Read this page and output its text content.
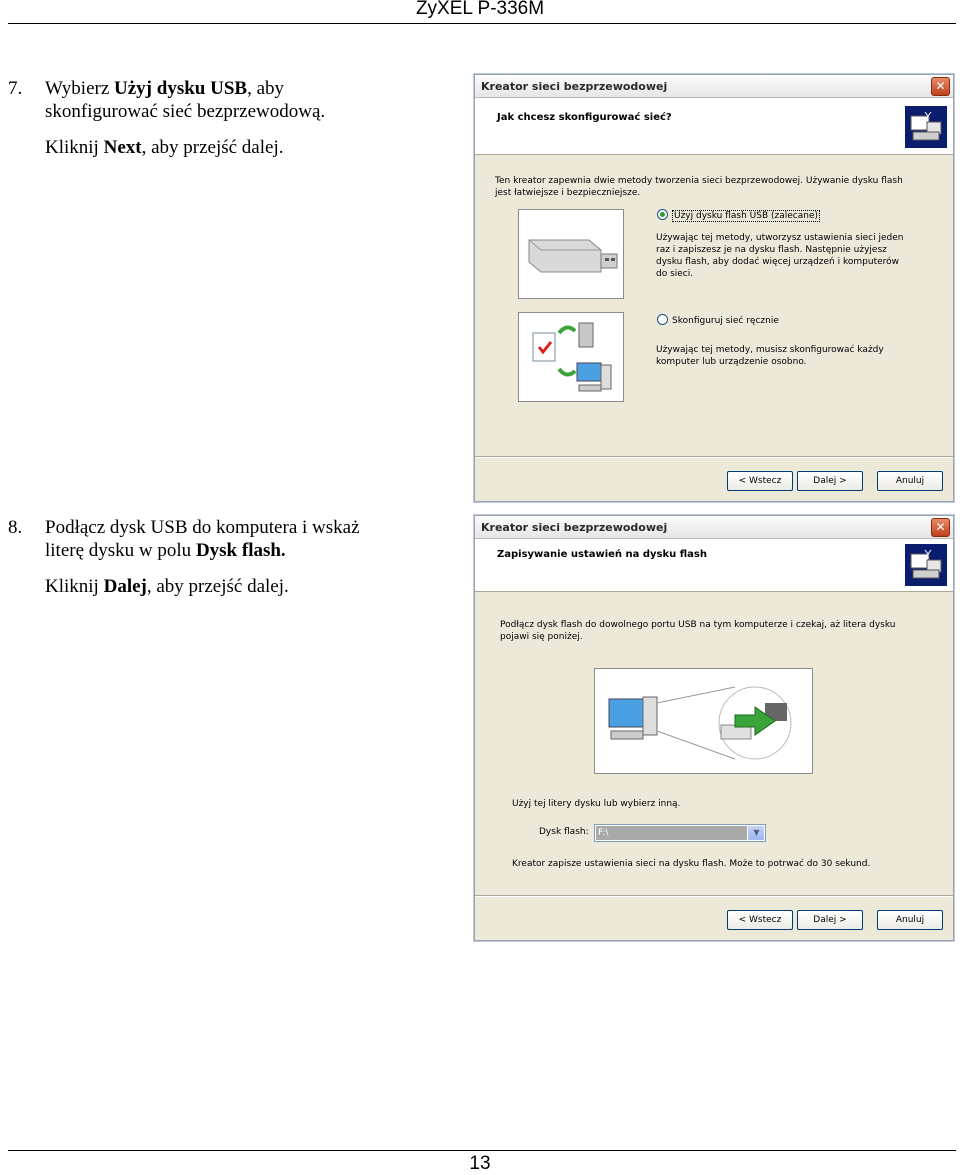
ZyXEL P-336M

7. Wybierz Użyj dysku USB, aby

skonfigurować sieć bezprzewodową.

Kliknij Next, aby przejść dalej.

8. Podłącz dysk USB do komputera i wskaż

literę dysku w polu Dysk flash.

Kliknij Dalej, aby przejść dalej.

Kreator sieci bezprzewodowej	✕
Jak chcesz skonfigurować sieć?
Ten kreator zapewnia dwie metody tworzenia sieci bezprzewodowej. Używanie dysku flash
jest łatwiejsze i bezpieczniejsze.
Użyj dysku flash USB (zalecane)
Używając tej metody, utworzysz ustawienia sieci jeden
raz i zapiszesz je na dysku flash. Następnie użyjesz
dysku flash, aby dodać więcej urządzeń i komputerów
do sieci.
Skonfiguruj sieć ręcznie
Używając tej metody, musisz skonfigurować każdy
komputer lub urządzenie osobno.
< Wstecz	Dalej >	Anuluj
Kreator sieci bezprzewodowej	✕
Zapisywanie ustawień na dysku flash
Podłącz dysk flash do dowolnego portu USB na tym komputerze i czekaj, aż litera dysku
pojawi się poniżej.
Użyj tej litery dysku lub wybierz inną.
Dysk flash: F:\	▼
Kreator zapisze ustawienia sieci na dysku flash. Może to potrwać do 30 sekund.
< Wstecz	Dalej >	Anuluj
13
